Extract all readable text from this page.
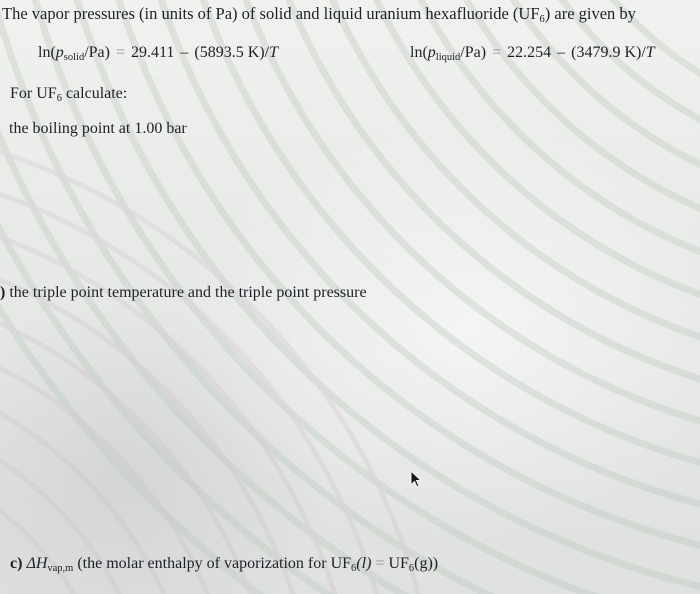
The vapor pressures (in units of Pa) of solid and liquid uranium hexafluoride $(UF_6)$ are given by
$\ln(p_{solid}/Pa) = 29.411 - (5893.5$ K)/T	$\ln(p_{liquid}/Pa) = 22.254 - (3479.9$ K)/T
For $UF_6$ calculate:
the boiling point at 1.00 bar
) the triple point temperature and the triple point pressure
c) $\Delta H_{vap,m}$ (the molar enthalpy of vaporization for $UF_6(l) = UF_6(g)$)
